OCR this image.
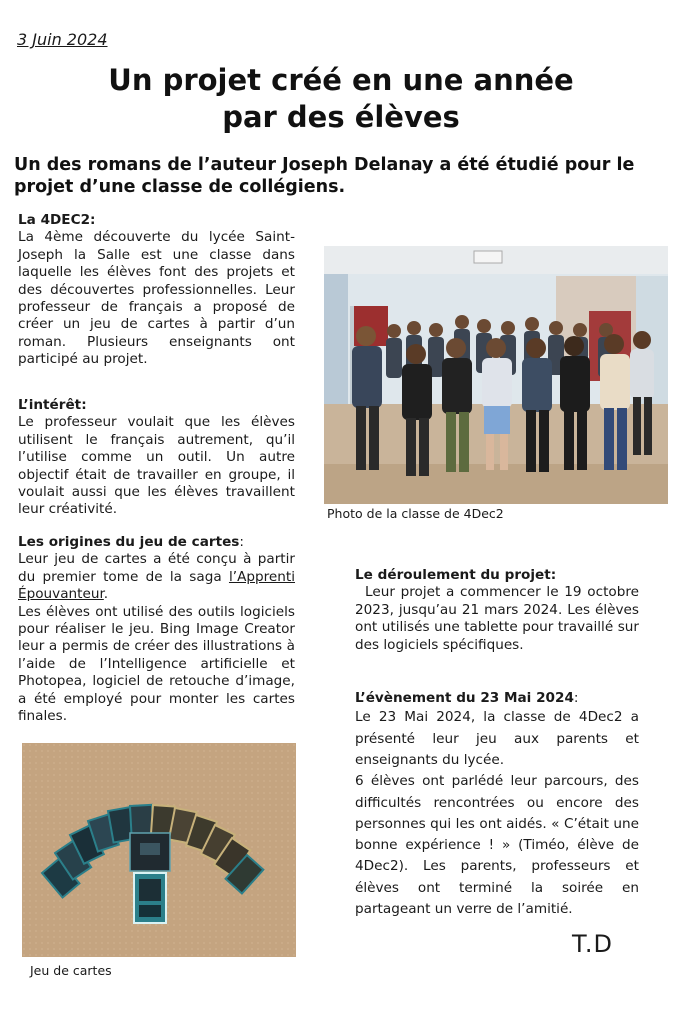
3 Juin 2024
Un projet créé en une année
par des élèves
Un des romans de l’auteur Joseph Delanay a été étudié pour le projet d’une classe de collégiens.
La 4DEC2:
La 4ème découverte du lycée Saint-Joseph la Salle est une classe dans laquelle les élèves font des projets et des découvertes professionnelles. Leur professeur de français a proposé de créer un jeu de cartes à partir d’un roman. Plusieurs enseignants ont participé au projet.
L’intérêt:
Le professeur voulait que les élèves utilisent le français autrement, qu’il l’utilise comme un outil. Un autre objectif était de travailler en groupe, il voulait aussi que les élèves travaillent leur créativité.
Les origines du jeu de cartes:

Leur jeu de cartes a été conçu à partir du premier tome de la saga l’Apprenti Épouvanteur.

Les élèves ont utilisé des outils logiciels pour réaliser le jeu. Bing Image Creator leur a permis de créer des illustrations à l’aide de l’Intelligence artificielle et Photopea, logiciel de retouche d’image, a été employé pour monter les cartes finales.

Photo de la classe de 4Dec2
Le déroulement du projet:
Leur projet a commencer le 19 octobre 2023, jusqu’au 21 mars 2024. Les élèves ont utilisés une tablette pour travaillé sur des logiciels spécifiques.
L’évènement du 23 Mai 2024:

Le 23 Mai 2024, la classe de 4Dec2 a présenté leur jeu aux parents et enseignants du lycée.

6 élèves ont parlédé leur parcours, des difficultés rencontrées ou encore des personnes qui les ont aidés. « C’était une bonne expérience ! » (Timéo, élève de 4Dec2). Les parents, professeurs et élèves ont terminé la soirée en partageant un verre de l’amitié.

Jeu de cartes
T.D
